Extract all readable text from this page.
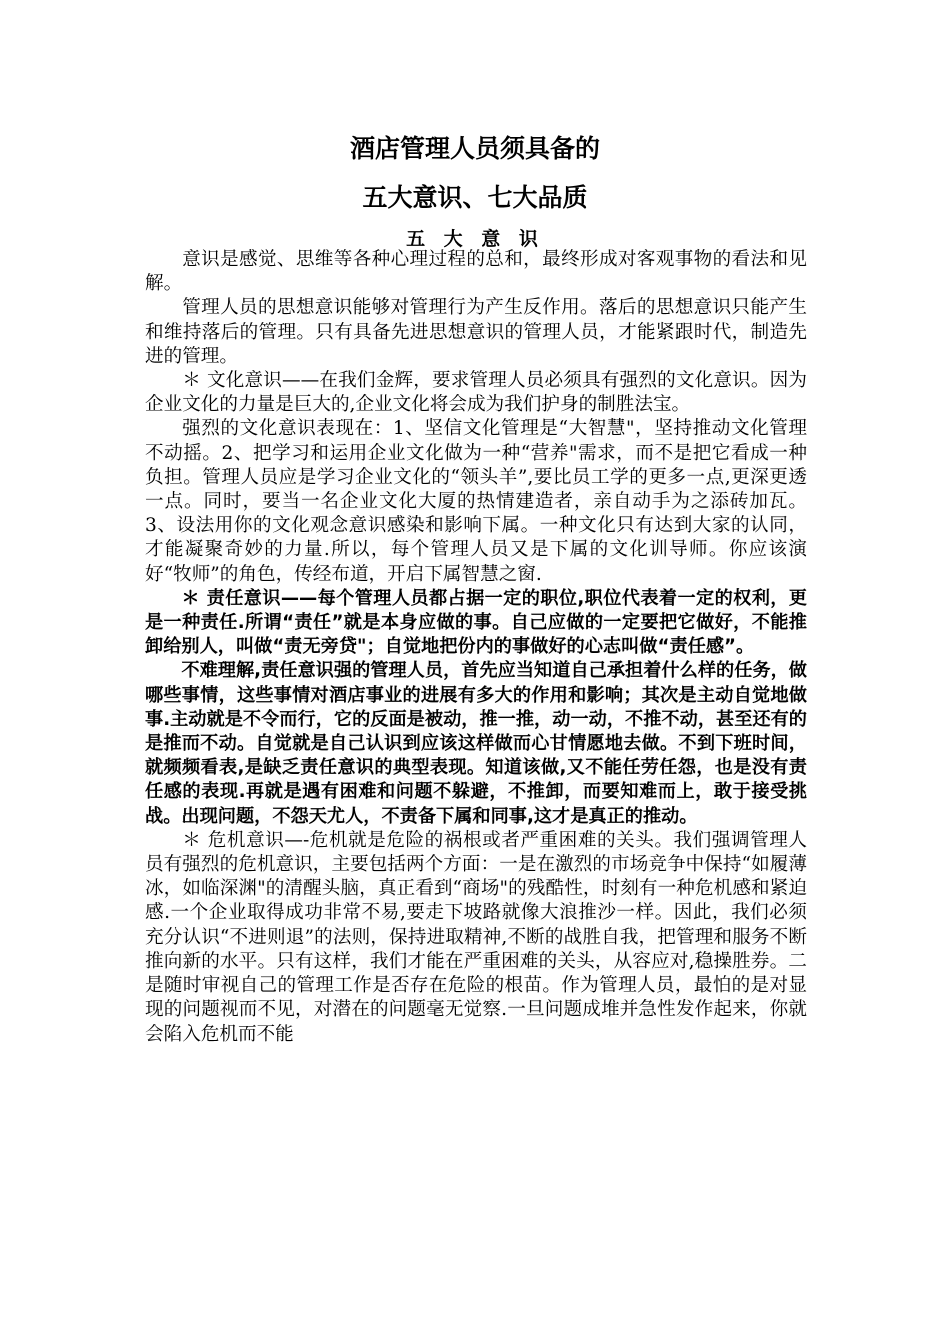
酒店管理人员须具备的
五大意识、七大品质
五 大 意 识

意识是感觉、思维等各种心理过程的总和，最终形成对客观事物的看法和见解。

管理人员的思想意识能够对管理行为产生反作用。落后的思想意识只能产生和维持落后的管理。只有具备先进思想意识的管理人员，才能紧跟时代，制造先进的管理。

＊ 文化意识——在我们金辉，要求管理人员必须具有强烈的文化意识。因为企业文化的力量是巨大的,企业文化将会成为我们护身的制胜法宝。

强烈的文化意识表现在：1、坚信文化管理是“大智慧"，坚持推动文化管理不动摇。2、把学习和运用企业文化做为一种“营养"需求，而不是把它看成一种负担。管理人员应是学习企业文化的“领头羊”,要比员工学的更多一点,更深更透一点。同时，要当一名企业文化大厦的热情建造者，亲自动手为之添砖加瓦。3、设法用你的文化观念意识感染和影响下属。一种文化只有达到大家的认同，才能凝聚奇妙的力量.所以，每个管理人员又是下属的文化训导师。你应该演好“牧师”的角色，传经布道，开启下属智慧之窗.

＊ 责任意识——每个管理人员都占据一定的职位,职位代表着一定的权利，更是一种责任.所谓“责任”就是本身应做的事。自己应做的一定要把它做好，不能推卸给别人，叫做“责无旁贷"；自觉地把份内的事做好的心志叫做“责任感”。

不难理解,责任意识强的管理人员，首先应当知道自己承担着什么样的任务，做哪些事情，这些事情对酒店事业的进展有多大的作用和影响；其次是主动自觉地做事.主动就是不令而行，它的反面是被动，推一推，动一动，不推不动，甚至还有的是推而不动。自觉就是自己认识到应该这样做而心甘情愿地去做。不到下班时间，就频频看表,是缺乏责任意识的典型表现。知道该做,又不能任劳任怨，也是没有责任感的表现.再就是遇有困难和问题不躲避，不推卸，而要知难而上，敢于接受挑战。出现问题，不怨天尤人，不责备下属和同事,这才是真正的推动。

＊ 危机意识—-危机就是危险的祸根或者严重困难的关头。我们强调管理人员有强烈的危机意识，主要包括两个方面：一是在激烈的市场竞争中保持“如履薄冰，如临深渊"的清醒头脑，真正看到“商场"的残酷性，时刻有一种危机感和紧迫感.一个企业取得成功非常不易,要走下坡路就像大浪推沙一样。因此，我们必须充分认识“不进则退”的法则，保持进取精神,不断的战胜自我，把管理和服务不断推向新的水平。只有这样，我们才能在严重困难的关头，从容应对,稳操胜券。二是随时审视自己的管理工作是否存在危险的根苗。作为管理人员，最怕的是对显现的问题视而不见，对潜在的问题毫无觉察.一旦问题成堆并急性发作起来，你就会陷入危机而不能
